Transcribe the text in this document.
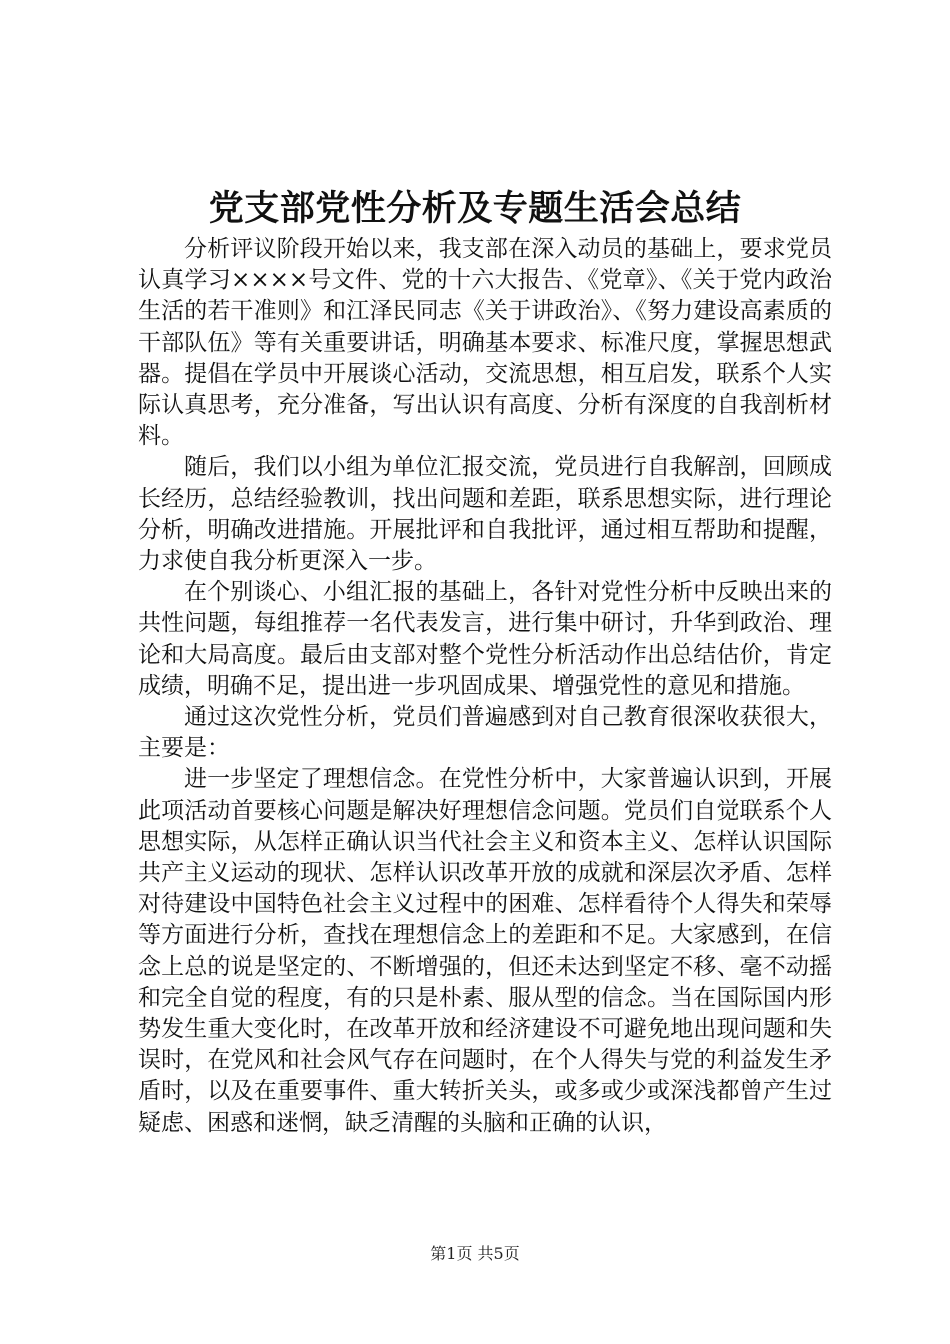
党支部党性分析及专题生活会总结

分析评议阶段开始以来，我支部在深入动员的基础上，要求党员认真学习××××号文件、党的十六大报告、《党章》、《关于党内政治生活的若干准则》和江泽民同志《关于讲政治》、《努力建设高素质的干部队伍》等有关重要讲话，明确基本要求、标准尺度，掌握思想武器。提倡在学员中开展谈心活动，交流思想，相互启发，联系个人实际认真思考，充分准备，写出认识有高度、分析有深度的自我剖析材料。

随后，我们以小组为单位汇报交流，党员进行自我解剖，回顾成长经历，总结经验教训，找出问题和差距，联系思想实际，进行理论分析，明确改进措施。开展批评和自我批评，通过相互帮助和提醒，力求使自我分析更深入一步。

在个别谈心、小组汇报的基础上，各针对党性分析中反映出来的共性问题，每组推荐一名代表发言，进行集中研讨，升华到政治、理论和大局高度。最后由支部对整个党性分析活动作出总结估价，肯定成绩，明确不足，提出进一步巩固成果、增强党性的意见和措施。

通过这次党性分析，党员们普遍感到对自己教育很深收获很大，主要是：

进一步坚定了理想信念。在党性分析中，大家普遍认识到，开展此项活动首要核心问题是解决好理想信念问题。党员们自觉联系个人思想实际，从怎样正确认识当代社会主义和资本主义、怎样认识国际共产主义运动的现状、怎样认识改革开放的成就和深层次矛盾、怎样对待建设中国特色社会主义过程中的困难、怎样看待个人得失和荣辱等方面进行分析，查找在理想信念上的差距和不足。大家感到，在信念上总的说是坚定的、不断增强的，但还未达到坚定不移、毫不动摇和完全自觉的程度，有的只是朴素、服从型的信念。当在国际国内形势发生重大变化时，在改革开放和经济建设不可避免地出现问题和失误时，在党风和社会风气存在问题时，在个人得失与党的利益发生矛盾时，以及在重要事件、重大转折关头，或多或少或深浅都曾产生过疑虑、困惑和迷惘，缺乏清醒的头脑和正确的认识，

第1页 共5页
